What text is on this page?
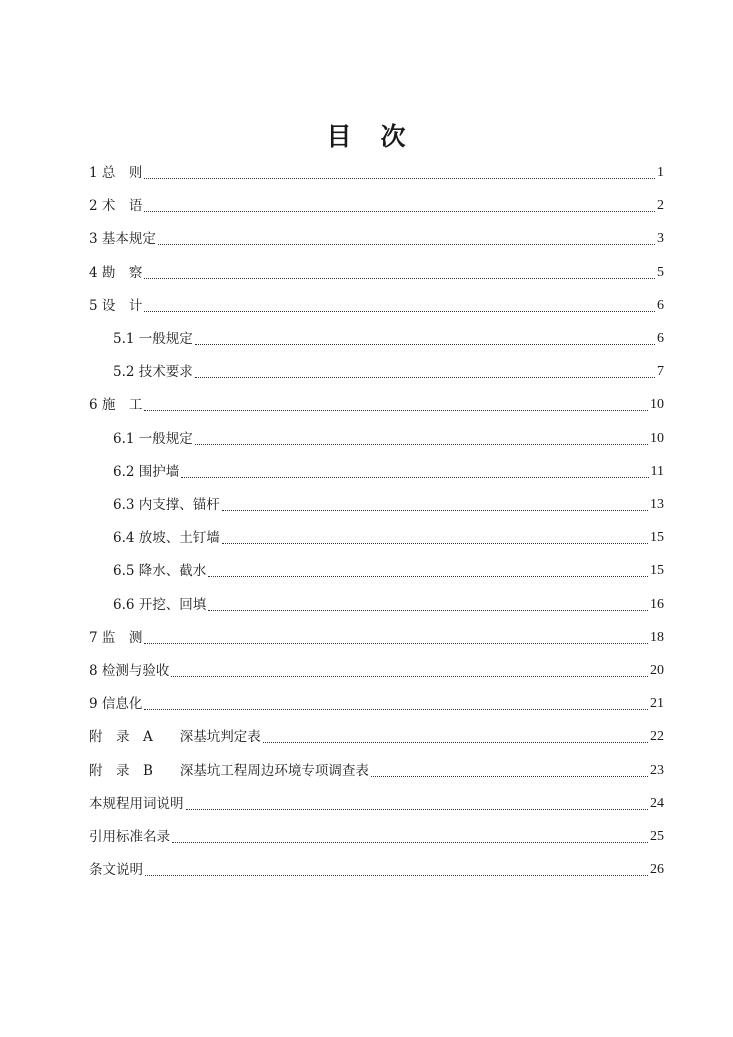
目 次
1 总　则	1
2 术　语	2
3 基本规定	3
4 勘　察	5
5 设　计	6
5.1 一般规定	6
5.2 技术要求	7
6 施　工	10
6.1 一般规定	10
6.2 围护墙	11
6.3 内支撑、锚杆	13
6.4 放坡、土钉墙	15
6.5 降水、截水	15
6.6 开挖、回填	16
7 监　测	18
8 检测与验收	20
9 信息化	21
附　录　A　　深基坑判定表	22
附　录　B　　深基坑工程周边环境专项调查表	23
本规程用词说明	24
引用标准名录	25
条文说明	26
